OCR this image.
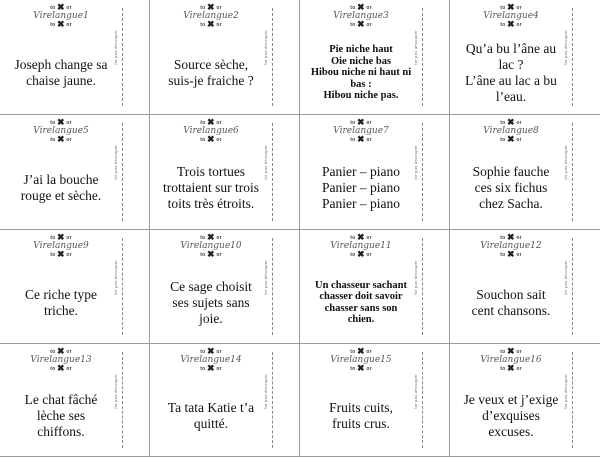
to ✖ or
Virelangue1
to ✖ or
Ne pas découper
Joseph change sa
chaise jaune.
to ✖ or
Virelangue2
to ✖ or
Ne pas découper
Source sèche,
suis-je fraiche ?
to ✖ or
Virelangue3
to ✖ or
Ne pas découper
Pie niche haut
Oie niche bas
Hibou niche ni haut ni
bas :
Hibou niche pas.
to ✖ or
Virelangue4
to ✖ or
Ne pas découper
Qu’a bu l’âne au
lac ?
L’âne au lac a bu
l’eau.
to ✖ or
Virelangue5
to ✖ or
Ne pas découper
J’ai la bouche
rouge et sèche.
to ✖ or
Virelangue6
to ✖ or
Ne pas découper
Trois tortues
trottaient sur trois
toits très étroits.
to ✖ or
Virelangue7
to ✖ or
Ne pas découper
Panier – piano
Panier – piano
Panier – piano
to ✖ or
Virelangue8
to ✖ or
Ne pas découper
Sophie fauche
ces six fichus
chez Sacha.
to ✖ or
Virelangue9
to ✖ or
Ne pas découper
Ce riche type
triche.
to ✖ or
Virelangue10
to ✖ or
Ne pas découper
Ce sage choisit
ses sujets sans
joie.
to ✖ or
Virelangue11
to ✖ or
Ne pas découper
Un chasseur sachant
chasser doit savoir
chasser sans son
chien.
to ✖ or
Virelangue12
to ✖ or
Ne pas découper
Souchon sait
cent chansons.
to ✖ or
Virelangue13
to ✖ or
Ne pas découper
Le chat fâché
lèche ses
chiffons.
to ✖ or
Virelangue14
to ✖ or
Ne pas découper
Ta tata Katie t’a
quitté.
to ✖ or
Virelangue15
to ✖ or
Ne pas découper
Fruits cuits,
fruits crus.
to ✖ or
Virelangue16
to ✖ or
Ne pas découper
Je veux et j’exige
d’exquises
excuses.
